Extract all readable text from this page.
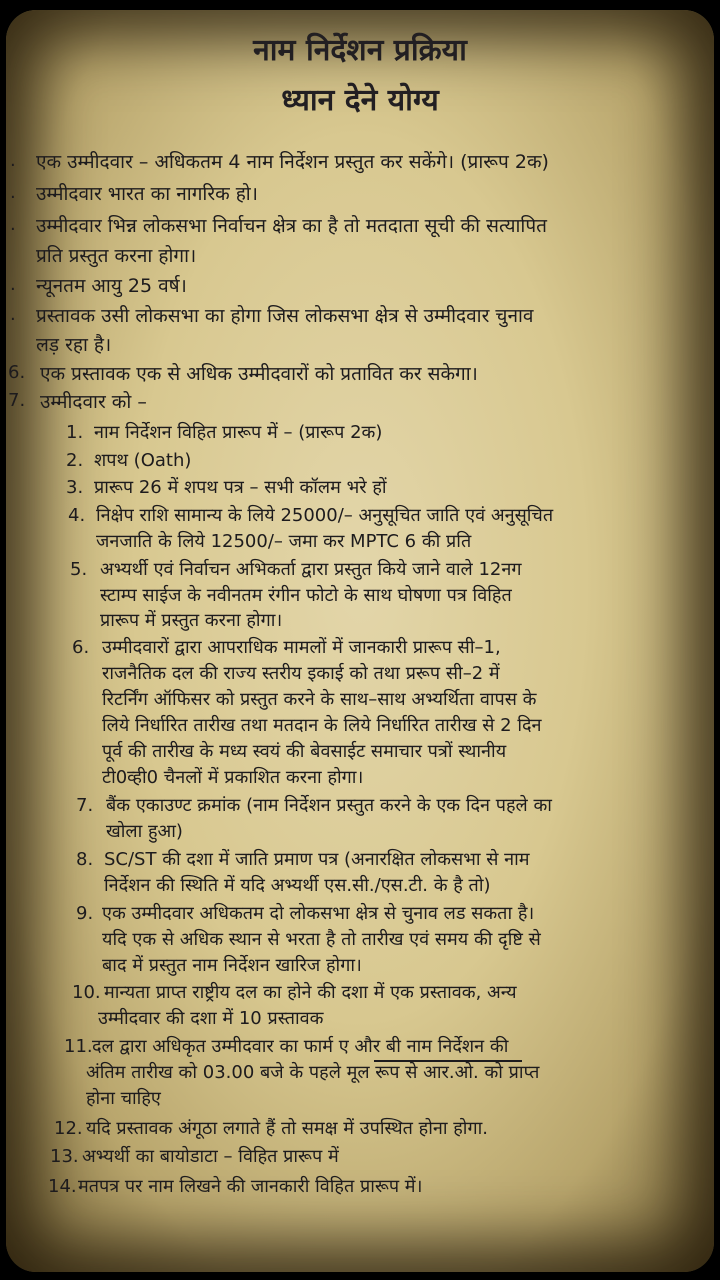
नाम निर्देशन प्रक्रिया
ध्यान देने योग्य
. एक उम्मीदवार – अधिकतम 4 नाम निर्देशन प्रस्तुत कर सकेंगे। (प्रारूप 2क)
. उम्मीदवार भारत का नागरिक हो।
. उम्मीदवार भिन्न लोकसभा निर्वाचन क्षेत्र का है तो मतदाता सूची की सत्यापित
प्रति प्रस्तुत करना होगा।
. न्यूनतम आयु 25 वर्ष।
. प्रस्तावक उसी लोकसभा का होगा जिस लोकसभा क्षेत्र से उम्मीदवार चुनाव
लड़ रहा है।
6. एक प्रस्तावक एक से अधिक उम्मीदवारों को प्रतावित कर सकेगा।
7. उम्मीदवार को –
1. नाम निर्देशन विहित प्रारूप में – (प्रारूप 2क)
2. शपथ (Oath)
3. प्रारूप 26 में शपथ पत्र – सभी कॉलम भरे हों
4. निक्षेप राशि सामान्य के लिये 25000/– अनुसूचित जाति एवं अनुसूचित
जनजाति के लिये 12500/– जमा कर MPTC 6 की प्रति
5. अभ्यर्थी एवं निर्वाचन अभिकर्ता द्वारा प्रस्तुत किये जाने वाले 12नग
स्टाम्प साईज के नवीनतम रंगीन फोटो के साथ घोषणा पत्र विहित
प्रारूप में प्रस्तुत करना होगा।
6. उम्मीदवारों द्वारा आपराधिक मामलों में जानकारी प्रारूप सी–1,
राजनैतिक दल की राज्य स्तरीय इकाई को तथा प्ररूप सी–2 में
रिटर्निंग ऑफिसर को प्रस्तुत करने के साथ–साथ अभ्यर्थिता वापस के
लिये निर्धारित तारीख तथा मतदान के लिये निर्धारित तारीख से 2 दिन
पूर्व की तारीख के मध्य स्वयं की बेवसाईट समाचार पत्रों स्थानीय
टी0व्ही0 चैनलों में प्रकाशित करना होगा।
7. बैंक एकाउण्ट क्रमांक (नाम निर्देशन प्रस्तुत करने के एक दिन पहले का
खोला हुआ)
8. SC/ST की दशा में जाति प्रमाण पत्र (अनारक्षित लोकसभा से नाम
निर्देशन की स्थिति में यदि अभ्यर्थी एस.सी./एस.टी. के है तो)
9. एक उम्मीदवार अधिकतम दो लोकसभा क्षेत्र से चुनाव लड सकता है।
यदि एक से अधिक स्थान से भरता है तो तारीख एवं समय की दृष्टि से
बाद में प्रस्तुत नाम निर्देशन खारिज होगा।
10. मान्यता प्राप्त राष्ट्रीय दल का होने की दशा में एक प्रस्तावक, अन्य
उम्मीदवार की दशा में 10 प्रस्तावक
11. दल द्वारा अधिकृत उम्मीदवार का फार्म ए और बी नाम निर्देशन की
अंतिम तारीख को 03.00 बजे के पहले मूल रूप से आर.ओ. को प्राप्त
होना चाहिए
12. यदि प्रस्तावक अंगूठा लगाते हैं तो समक्ष में उपस्थित होना होगा.
13. अभ्यर्थी का बायोडाटा – विहित प्रारूप में
14. मतपत्र पर नाम लिखने की जानकारी विहित प्रारूप में।
